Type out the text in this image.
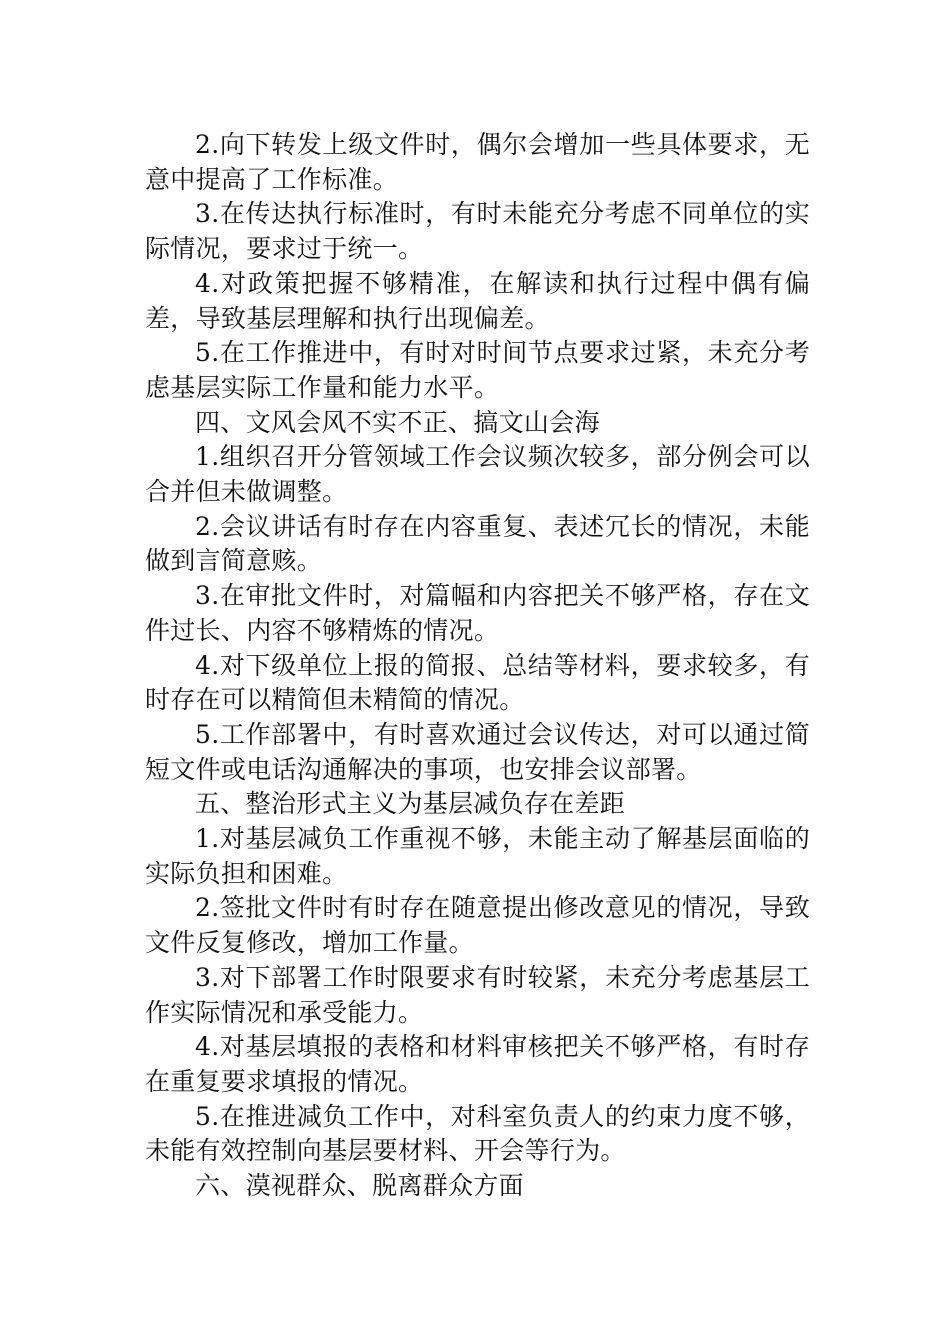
2.向下转发上级文件时，偶尔会增加一些具体要求，无意中提高了工作标准。

3.在传达执行标准时，有时未能充分考虑不同单位的实际情况，要求过于统一。

4.对政策把握不够精准，在解读和执行过程中偶有偏差，导致基层理解和执行出现偏差。

5.在工作推进中，有时对时间节点要求过紧，未充分考虑基层实际工作量和能力水平。

四、文风会风不实不正、搞文山会海

1.组织召开分管领域工作会议频次较多，部分例会可以合并但未做调整。

2.会议讲话有时存在内容重复、表述冗长的情况，未能做到言简意赅。

3.在审批文件时，对篇幅和内容把关不够严格，存在文件过长、内容不够精炼的情况。

4.对下级单位上报的简报、总结等材料，要求较多，有时存在可以精简但未精简的情况。

5.工作部署中，有时喜欢通过会议传达，对可以通过简短文件或电话沟通解决的事项，也安排会议部署。

五、整治形式主义为基层减负存在差距

1.对基层减负工作重视不够，未能主动了解基层面临的实际负担和困难。

2.签批文件时有时存在随意提出修改意见的情况，导致文件反复修改，增加工作量。

3.对下部署工作时限要求有时较紧，未充分考虑基层工作实际情况和承受能力。

4.对基层填报的表格和材料审核把关不够严格，有时存在重复要求填报的情况。

5.在推进减负工作中，对科室负责人的约束力度不够，未能有效控制向基层要材料、开会等行为。

六、漠视群众、脱离群众方面
